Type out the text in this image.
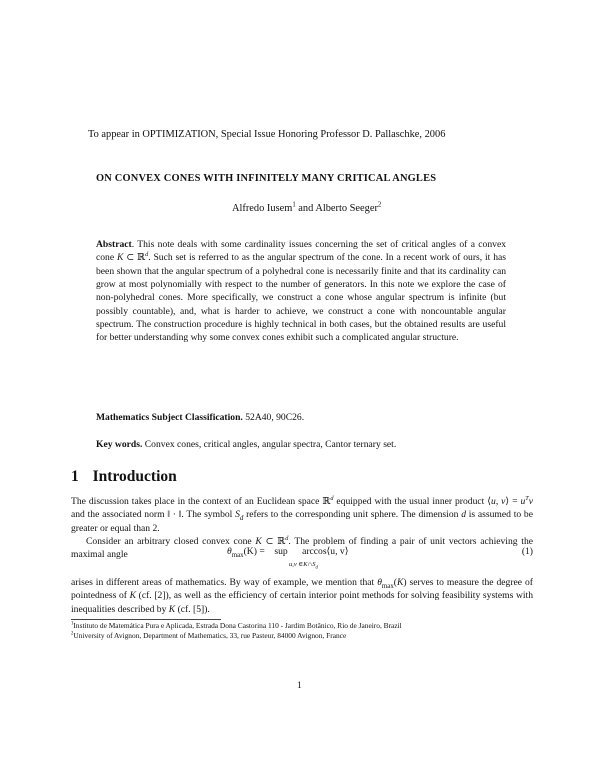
To appear in OPTIMIZATION, Special Issue Honoring Professor D. Pallaschke, 2006
ON CONVEX CONES WITH INFINITELY MANY CRITICAL ANGLES
Alfredo Iusem$^1$ and Alberto Seeger$^2$
Abstract. This note deals with some cardinality issues concerning the set of critical angles of a convex cone K ⊂ ℝ$^d$. Such set is referred to as the angular spectrum of the cone. In a recent work of ours, it has been shown that the angular spectrum of a polyhedral cone is necessarily finite and that its cardinality can grow at most polynomially with respect to the number of generators. In this note we explore the case of non-polyhedral cones. More specifically, we construct a cone whose angular spectrum is infinite (but possibly countable), and, what is harder to achieve, we construct a cone with noncountable angular spectrum. The construction procedure is highly technical in both cases, but the obtained results are useful for better understanding why some convex cones exhibit such a complicated angular structure.
Mathematics Subject Classification. 52A40, 90C26.
Key words. Convex cones, critical angles, angular spectra, Cantor ternary set.
1 Introduction

The discussion takes place in the context of an Euclidean space ℝ$^d$ equipped with the usual inner product ⟨u, v⟩ = $u^Tv$ and the associated norm ‖ · ‖. The symbol $S_d$ refers to the corresponding unit sphere. The dimension d is assumed to be greater or equal than 2.

Consider an arbitrary closed convex cone K ⊂ ℝ$^d$. The problem of finding a pair of unit vectors achieving the maximal angle	$\theta_{max}(K)$ = sup arccos⟨u, v⟩
u,v $\in K\cap S_d$
(1)
arises in different areas of mathematics. By way of example, we mention that $\theta_{max}(K)$ serves to measure the degree of pointedness of K (cf. [2]), as well as the efficiency of certain interior point methods for solving feasibility systems with inequalities described by K (cf. [5]).

$^1$Instituto de Matemática Pura e Aplicada, Estrada Dona Castorina 110 - Jardim Botânico, Rio de Janeiro, Brazil

$^2$University of Avignon, Department of Mathematics, 33, rue Pasteur, 84000 Avignon, France

1
